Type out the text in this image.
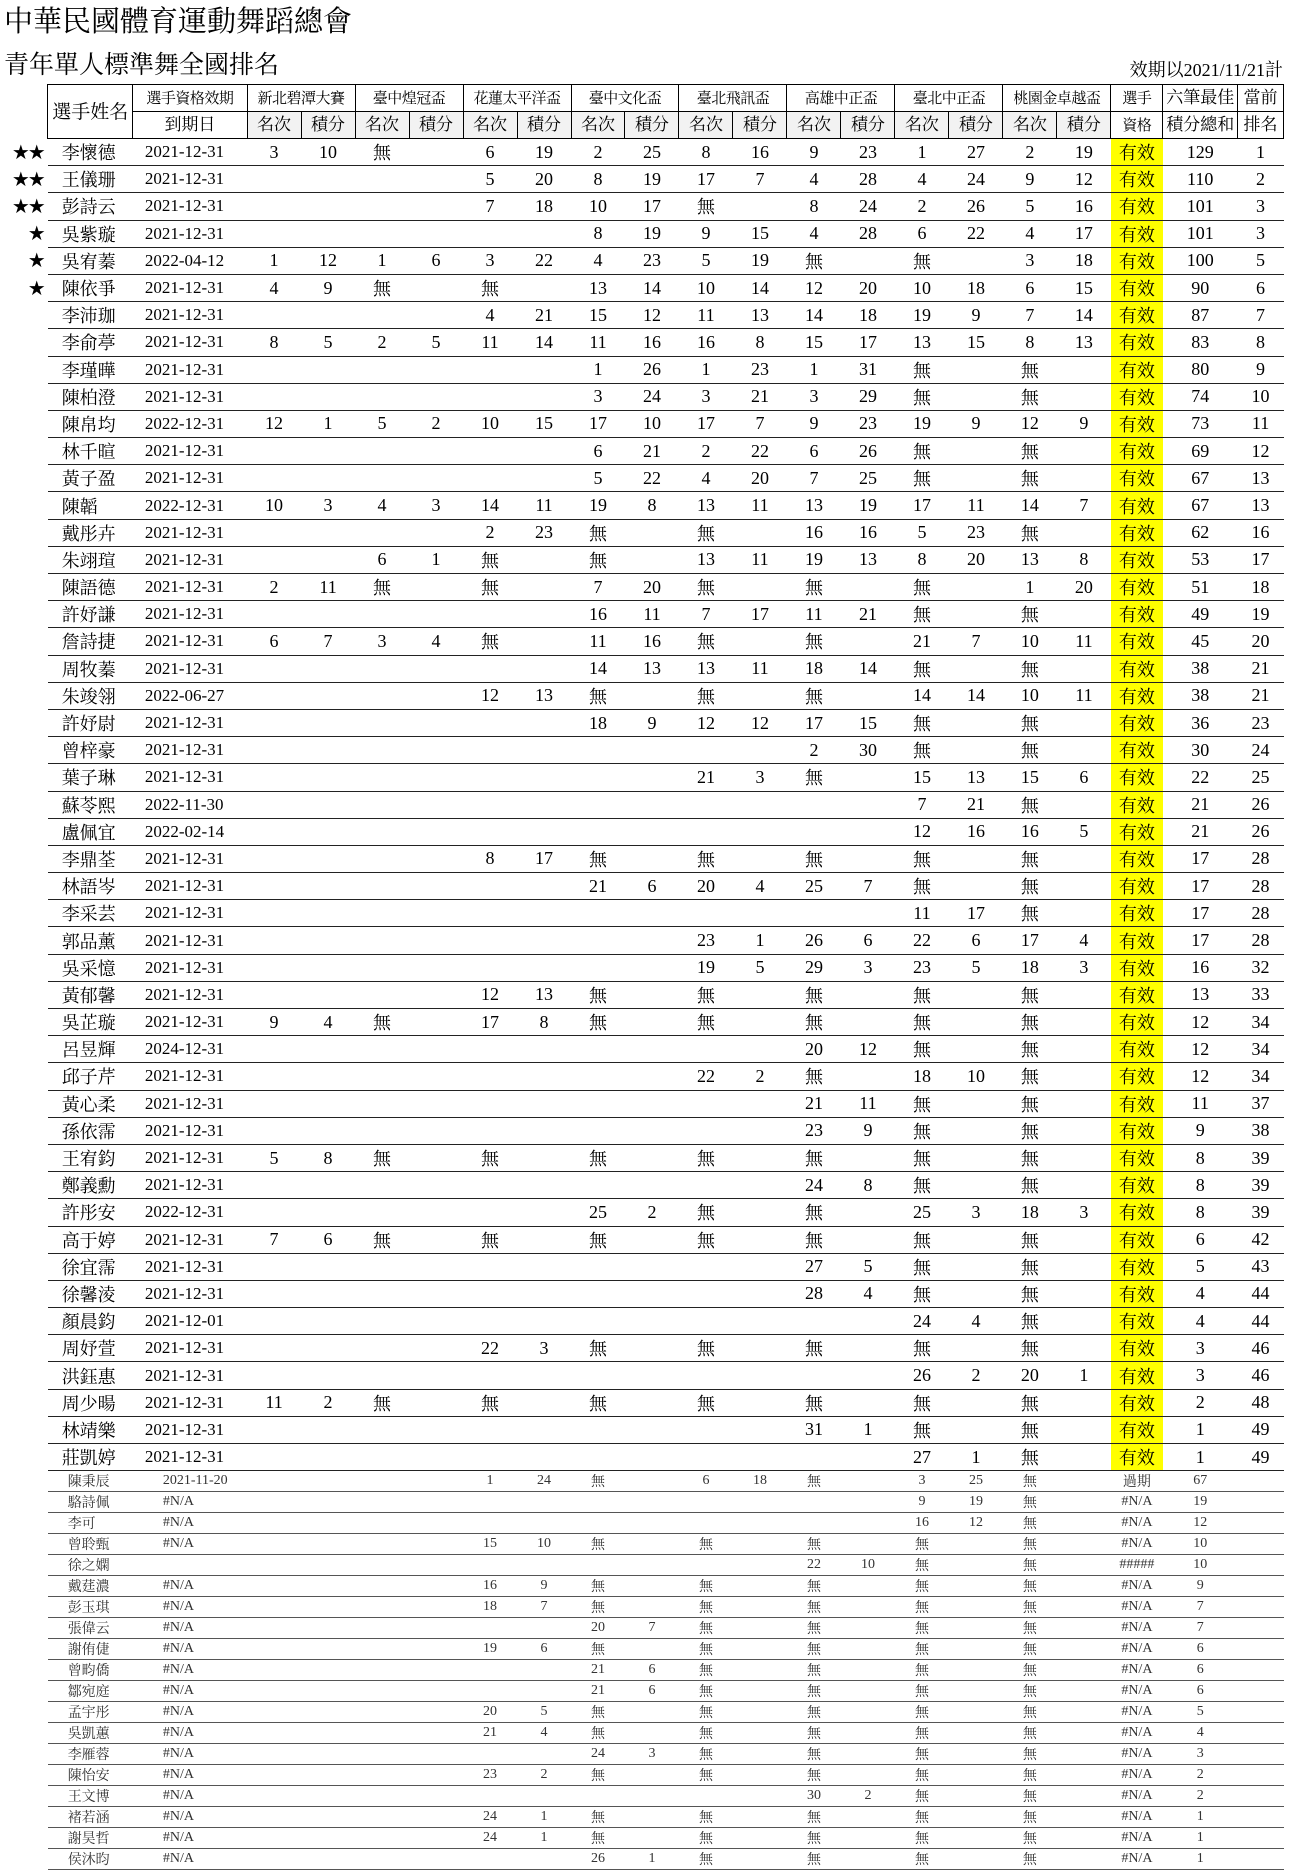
中華民國體育運動舞蹈總會
青年單人標準舞全國排名	效期以2021/11/21計
	選手姓名	選手資格效期	新北碧潭大賽		臺中煌冠盃		花蓮太平洋盃		臺中文化盃		臺北飛訊盃		高雄中正盃		臺北中正盃		桃園金卓越盃		選手	六筆最佳	當前
		到期日	名次	積分	名次	積分	名次	積分	名次	積分	名次	積分	名次	積分	名次	積分	名次	積分	資格	積分總和	排名
★★	李懷德	2021-12-31	3	10	無		6	19	2	25	8	16	9	23	1	27	2	19	有效	129	1
★★	王儀珊	2021-12-31					5	20	8	19	17	7	4	28	4	24	9	12	有效	110	2
★★	彭詩云	2021-12-31					7	18	10	17	無		8	24	2	26	5	16	有效	101	3
★	吳紫璇	2021-12-31							8	19	9	15	4	28	6	22	4	17	有效	101	3
★	吳宥蓁	2022-04-12	1	12	1	6	3	22	4	23	5	19	無		無		3	18	有效	100	5
★	陳依爭	2021-12-31	4	9	無		無		13	14	10	14	12	20	10	18	6	15	有效	90	6
	李沛珈	2021-12-31					4	21	15	12	11	13	14	18	19	9	7	14	有效	87	7
	李俞葶	2021-12-31	8	5	2	5	11	14	11	16	16	8	15	17	13	15	8	13	有效	83	8
	李瑾曄	2021-12-31							1	26	1	23	1	31	無		無		有效	80	9
	陳柏澄	2021-12-31							3	24	3	21	3	29	無		無		有效	74	10
	陳帛均	2022-12-31	12	1	5	2	10	15	17	10	17	7	9	23	19	9	12	9	有效	73	11
	林千暄	2021-12-31							6	21	2	22	6	26	無		無		有效	69	12
	黃子盈	2021-12-31							5	22	4	20	7	25	無		無		有效	67	13
	陳韜	2022-12-31	10	3	4	3	14	11	19	8	13	11	13	19	17	11	14	7	有效	67	13
	戴彤卉	2021-12-31					2	23	無		無		16	16	5	23	無		有效	62	16
	朱翊瑄	2021-12-31			6	1	無		無		13	11	19	13	8	20	13	8	有效	53	17
	陳語德	2021-12-31	2	11	無		無		7	20	無		無		無		1	20	有效	51	18
	許妤謙	2021-12-31							16	11	7	17	11	21	無		無		有效	49	19
	詹詩捷	2021-12-31	6	7	3	4	無		11	16	無		無		21	7	10	11	有效	45	20
	周牧蓁	2021-12-31							14	13	13	11	18	14	無		無		有效	38	21
	朱竣翎	2022-06-27					12	13	無		無		無		14	14	10	11	有效	38	21
	許妤尉	2021-12-31							18	9	12	12	17	15	無		無		有效	36	23
	曾梓豪	2021-12-31											2	30	無		無		有效	30	24
	葉子琳	2021-12-31									21	3	無		15	13	15	6	有效	22	25
	蘇苓熙	2022-11-30													7	21	無		有效	21	26
	盧佩宜	2022-02-14													12	16	16	5	有效	21	26
	李鼎荃	2021-12-31					8	17	無		無		無		無		無		有效	17	28
	林語岑	2021-12-31							21	6	20	4	25	7	無		無		有效	17	28
	李采芸	2021-12-31													11	17	無		有效	17	28
	郭品薰	2021-12-31									23	1	26	6	22	6	17	4	有效	17	28
	吳采憶	2021-12-31									19	5	29	3	23	5	18	3	有效	16	32
	黃郁馨	2021-12-31					12	13	無		無		無		無		無		有效	13	33
	吳芷璇	2021-12-31	9	4	無		17	8	無		無		無		無		無		有效	12	34
	呂昱輝	2024-12-31											20	12	無		無		有效	12	34
	邱子芹	2021-12-31									22	2	無		18	10	無		有效	12	34
	黃心柔	2021-12-31											21	11	無		無		有效	11	37
	孫依霈	2021-12-31											23	9	無		無		有效	9	38
	王宥鈞	2021-12-31	5	8	無		無		無		無		無		無		無		有效	8	39
	鄭義勳	2021-12-31											24	8	無		無		有效	8	39
	許彤安	2022-12-31							25	2	無		無		25	3	18	3	有效	8	39
	高于婷	2021-12-31	7	6	無		無		無		無		無		無		無		有效	6	42
	徐宜霈	2021-12-31											27	5	無		無		有效	5	43
	徐馨淩	2021-12-31											28	4	無		無		有效	4	44
	顏晨鈞	2021-12-01													24	4	無		有效	4	44
	周妤萱	2021-12-31					22	3	無		無		無		無		無		有效	3	46
	洪鈺惠	2021-12-31													26	2	20	1	有效	3	46
	周少暘	2021-12-31	11	2	無		無		無		無		無		無		無		有效	2	48
	林靖樂	2021-12-31											31	1	無		無		有效	1	49
	莊凱婷	2021-12-31													27	1	無		有效	1	49
	陳秉辰	2021-11-20					1	24	無		6	18	無		3	25	無		過期	67	
	駱詩佩	#N/A													9	19	無		#N/A	19	
	李可	#N/A													16	12	無		#N/A	12	
	曾聆甄	#N/A					15	10	無		無		無		無		無		#N/A	10	
	徐之嫻												22	10	無		無		#####	10	
	戴莛濃	#N/A					16	9	無		無		無		無		無		#N/A	9	
	彭玉琪	#N/A					18	7	無		無		無		無		無		#N/A	7	
	張偉云	#N/A							20	7	無		無		無		無		#N/A	7	
	謝侑倢	#N/A					19	6	無		無		無		無		無		#N/A	6	
	曾畇僑	#N/A							21	6	無		無		無		無		#N/A	6	
	鄒宛庭	#N/A							21	6	無		無		無		無		#N/A	6	
	孟宇彤	#N/A					20	5	無		無		無		無		無		#N/A	5	
	吳凱蕙	#N/A					21	4	無		無		無		無		無		#N/A	4	
	李雁蓉	#N/A							24	3	無		無		無		無		#N/A	3	
	陳怡安	#N/A					23	2	無		無		無		無		無		#N/A	2	
	王文博	#N/A											30	2	無		無		#N/A	2	
	褚若涵	#N/A					24	1	無		無		無		無		無		#N/A	1	
	謝昊哲	#N/A					24	1	無		無		無		無		無		#N/A	1	
	侯沐昀	#N/A							26	1	無		無		無		無		#N/A	1	
